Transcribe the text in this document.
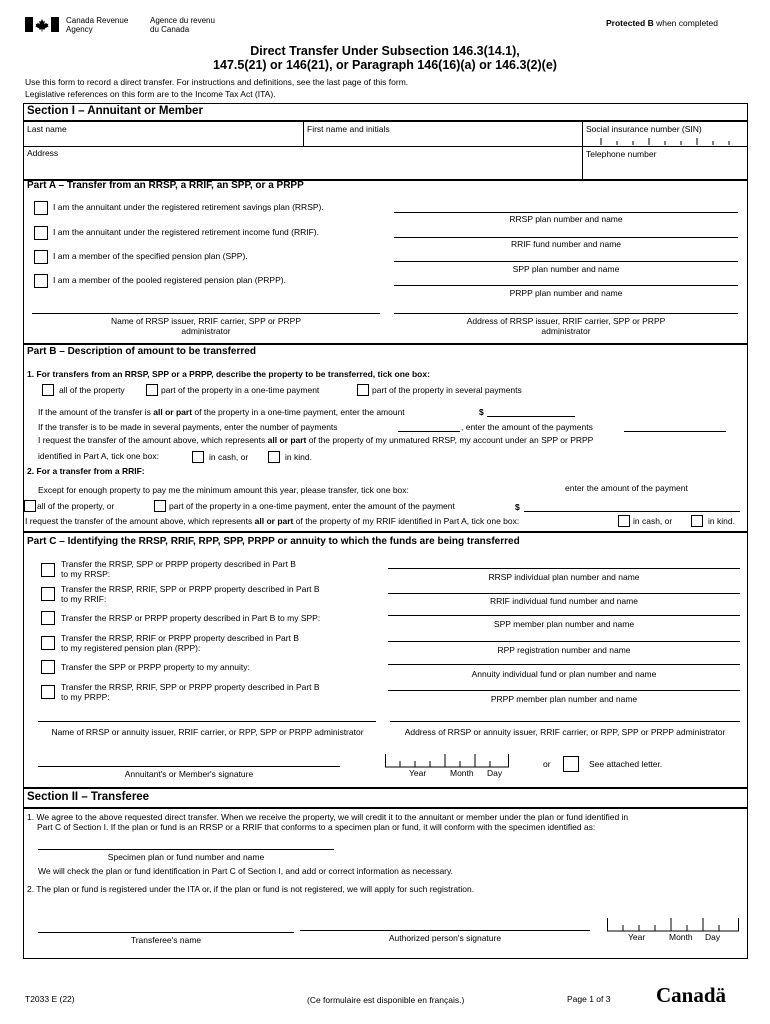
Canada Revenue
Agency
Agence du revenu
du Canada
Protected B when completed
Direct Transfer Under Subsection 146.3(14.1),
147.5(21) or 146(21), or Paragraph 146(16)(a) or 146.3(2)(e)
Use this form to record a direct transfer. For instructions and definitions, see the last page of this form.
Legislative references on this form are to the Income Tax Act (ITA).
Section I – Annuitant or Member
Last name	First name and initials	Social insurance number (SIN)
Address	Telephone number
Part A – Transfer from an RRSP, a RRIF, an SPP, or a PRPP
I am the annuitant under the registered retirement savings plan (RRSP).
RRSP plan number and name
I am the annuitant under the registered retirement income fund (RRIF).
RRIF fund number and name
I am a member of the specified pension plan (SPP).
SPP plan number and name
I am a member of the pooled registered pension plan (PRPP).
PRPP plan number and name
Name of RRSP issuer, RRIF carrier, SPP or PRPP administrator
Address of RRSP issuer, RRIF carrier, SPP or PRPP administrator
Part B – Description of amount to be transferred
1. For transfers from an RRSP, SPP or a PRPP, describe the property to be transferred, tick one box:
all of the property	part of the property in a one-time payment	part of the property in several payments
If the amount of the transfer is all or part of the property in a one-time payment, enter the amount	$
If the transfer is to be made in several payments, enter the number of payments	, enter the amount of the payments
I request the transfer of the amount above, which represents all or part of the property of my unmatured RRSP, my account under an SPP or PRPP
identified in Part A, tick one box:	in cash, or	in kind.
2. For a transfer from a RRIF:
Except for enough property to pay me the minimum amount this year, please transfer, tick one box:	enter the amount of the payment
all of the property, or	part of the property in a one-time payment, enter the amount of the payment	$
I request the transfer of the amount above, which represents all or part of the property of my RRIF identified in Part A, tick one box:	in cash, or	in kind.
Part C – Identifying the RRSP, RRIF, RPP, SPP, PRPP or annuity to which the funds are being transferred
Transfer the RRSP, SPP or PRPP property described in Part B
to my RRSP:	RRSP individual plan number and name
Transfer the RRSP, RRIF, SPP or PRPP property described in Part B
to my RRIF:	RRIF individual fund number and name
Transfer the RRSP or PRPP property described in Part B to my SPP:
SPP member plan number and name
Transfer the RRSP, RRIF or PRPP property described in Part B
to my registered pension plan (RPP):	RPP registration number and name
Transfer the SPP or PRPP property to my annuity:
Annuity individual fund or plan number and name
Transfer the RRSP, RRIF, SPP or PRPP property described in Part B
to my PRPP:	PRPP member plan number and name
Name of RRSP or annuity issuer, RRIF carrier, or RPP, SPP or PRPP administrator	Address of RRSP or annuity issuer, RRIF carrier, or RPP, SPP or PRPP administrator
Annuitant's or Member's signature	Year	Month Day
or	See attached letter.
Section II – Transferee
1. We agree to the above requested direct transfer. When we receive the property, we will credit it to the annuitant or member under the plan or fund identified in
Part C of Section I. If the plan or fund is an RRSP or a RRIF that conforms to a specimen plan or fund, it will conform with the specimen identified as:
Specimen plan or fund number and name
We will check the plan or fund identification in Part C of Section I, and add or correct information as necessary.
2. The plan or fund is registered under the ITA or, if the plan or fund is not registered, we will apply for such registration.
Transferee's name	Authorized person's signature	Year	Month Day
T2033 E (22)	(Ce formulaire est disponible en français.)	Page 1 of 3 Canadä
